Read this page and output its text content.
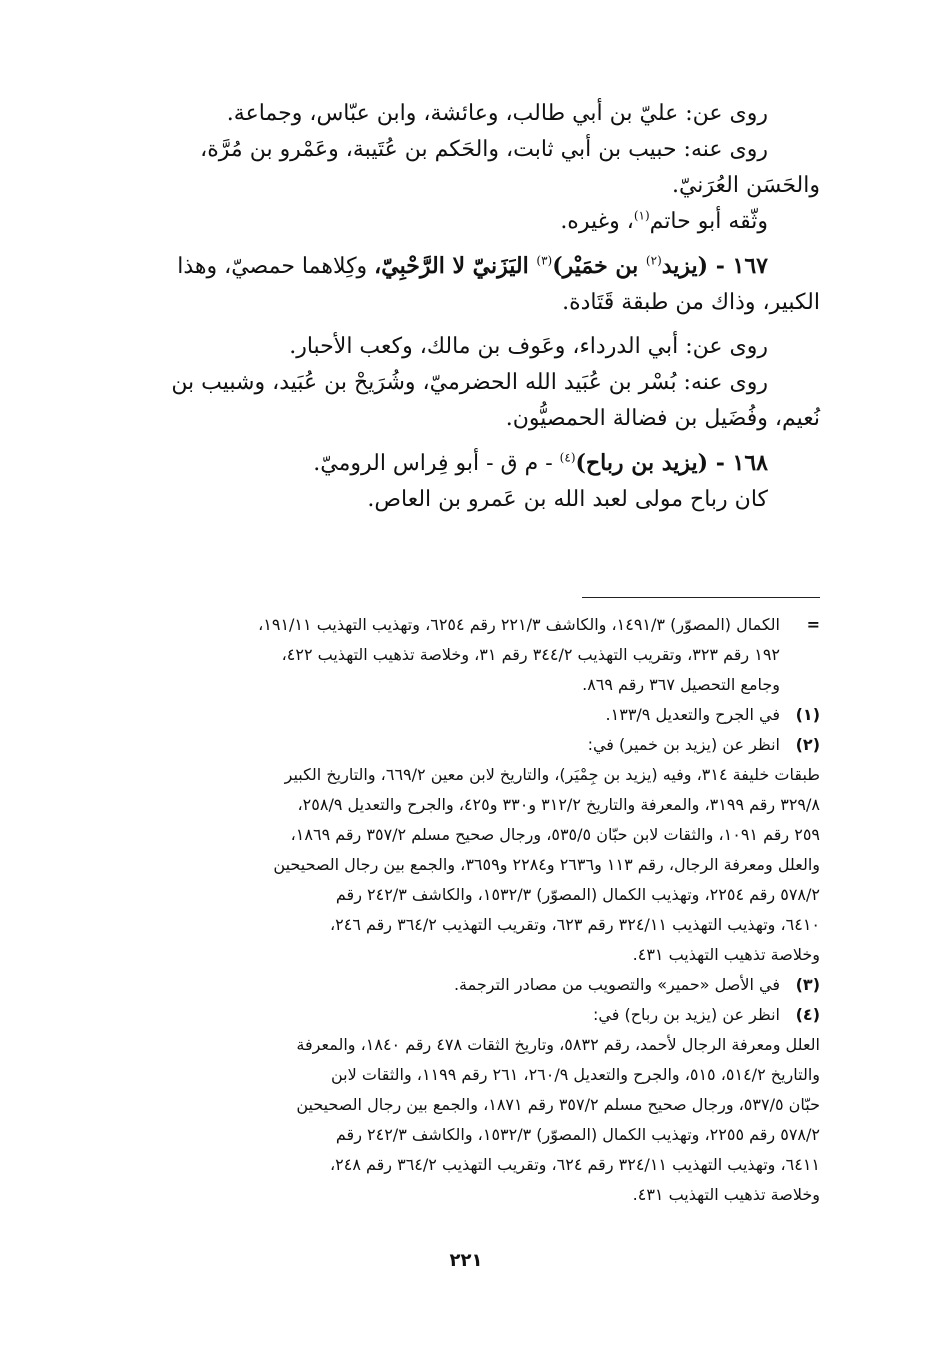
روى عن: عليّ بن أبي طالب، وعائشة، وابن عبّاس، وجماعة.

روى عنه: حبيب بن أبي ثابت، والحَكم بن عُتَيبة، وعَمْرو بن مُرَّة،

والحَسَن العُرَنيّ.

وثّقه أبو حاتم$^{(١)}$، وغيره.

١٦٧ - (يزيد$^{(٢)}$ بن خمَيْر)$^{(٣)}$ اليَزَنيّ لا الرَّحْبِيّ، وكِلاهما حمصيّ، وهذا

الكبير، وذاك من طبقة قَتَادة.

روى عن: أبي الدرداء، وعَوف بن مالك، وكعب الأحبار.

روى عنه: بُسْر بن عُبَيد الله الحضرميّ، وشُرَيحْ بن عُبَيد، وشبيب بن

نُعيم، وفُضَيل بن فضالة الحمصيُّون.

١٦٨ - (يزيد بن رباح)$^{(٤)}$ - م ق - أبو فِراس الروميّ.

كان رباح مولى لعبد الله بن عَمرو بن العاص.

=الكمال (المصوّر) ١٤٩١/٣، والكاشف ٢٢١/٣ رقم ٦٢٥٤، وتهذيب التهذيب ١٩١/١١،

١٩٢ رقم ٣٢٣، وتقريب التهذيب ٣٤٤/٢ رقم ٣١، وخلاصة تذهيب التهذيب ٤٢٢،

وجامع التحصيل ٣٦٧ رقم ٨٦٩.

(١)في الجرح والتعديل ١٣٣/٩.

(٢)انظر عن (يزيد بن خمير) في:

طبقات خليفة ٣١٤، وفيه (يزيد بن جِمْيَر)، والتاريخ لابن معين ٦٦٩/٢، والتاريخ الكبير

٣٢٩/٨ رقم ٣١٩٩، والمعرفة والتاريخ ٣١٢/٢ و٣٣٠ و٤٢٥، والجرح والتعديل ٢٥٨/٩،

٢٥٩ رقم ١٠٩١، والثقات لابن حبّان ٥٣٥/٥، ورجال صحيح مسلم ٣٥٧/٢ رقم ١٨٦٩،

والعلل ومعرفة الرجال، رقم ١١٣ و٢٦٣٦ و٢٢٨٤ و٣٦٥٩، والجمع بين رجال الصحيحين

٥٧٨/٢ رقم ٢٢٥٤، وتهذيب الكمال (المصوّر) ١٥٣٢/٣، والكاشف ٢٤٢/٣ رقم

٦٤١٠، وتهذيب التهذيب ٣٢٤/١١ رقم ٦٢٣، وتقريب التهذيب ٣٦٤/٢ رقم ٢٤٦،

وخلاصة تذهيب التهذيب ٤٣١.

(٣)في الأصل «حمير» والتصويب من مصادر الترجمة.

(٤)انظر عن (يزيد بن رباح) في:

العلل ومعرفة الرجال لأحمد، رقم ٥٨٣٢، وتاريخ الثقات ٤٧٨ رقم ١٨٤٠، والمعرفة

والتاريخ ٥١٤/٢، ٥١٥، والجرح والتعديل ٢٦٠/٩، ٢٦١ رقم ١١٩٩، والثقات لابن

حبّان ٥٣٧/٥، ورجال صحيح مسلم ٣٥٧/٢ رقم ١٨٧١، والجمع بين رجال الصحيحين

٥٧٨/٢ رقم ٢٢٥٥، وتهذيب الكمال (المصوّر) ١٥٣٢/٣، والكاشف ٢٤٢/٣ رقم

٦٤١١، وتهذيب التهذيب ٣٢٤/١١ رقم ٦٢٤، وتقريب التهذيب ٣٦٤/٢ رقم ٢٤٨،

وخلاصة تذهيب التهذيب ٤٣١.

٢٢١
